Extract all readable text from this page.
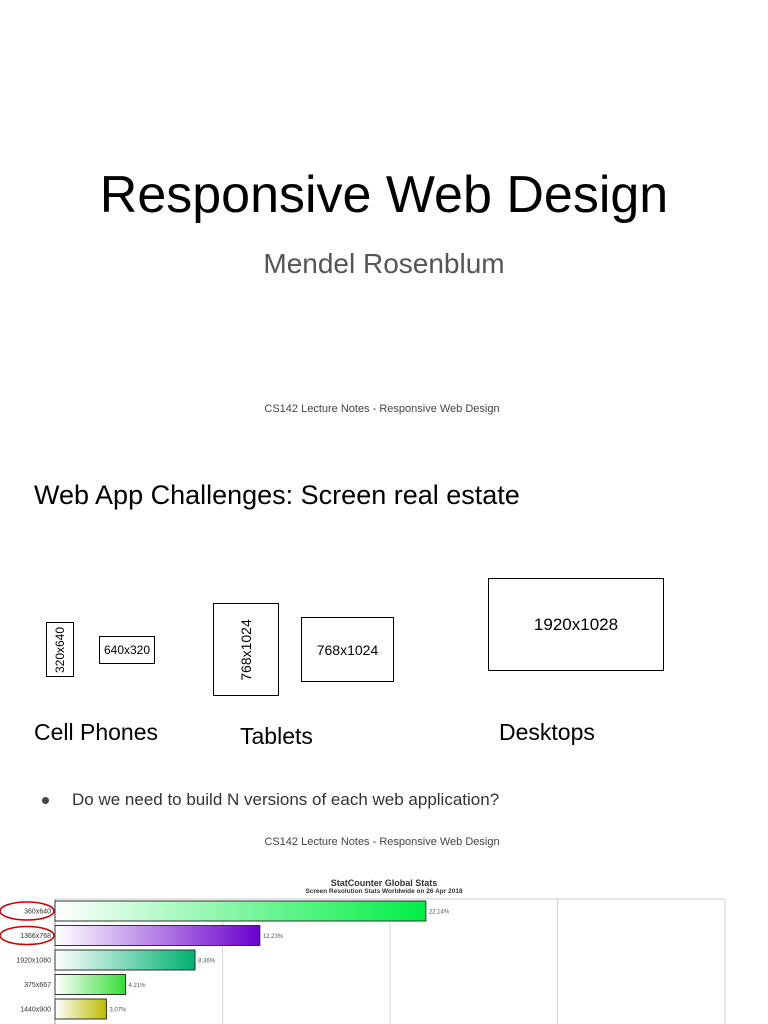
Responsive Web Design
Mendel Rosenblum
CS142 Lecture Notes - Responsive Web Design
Web App Challenges: Screen real estate
320x640	640x320	768x1024	768x1024
1920x1028
Cell Phones	Tablets	Desktops
Do we need to build N versions of each web application?
CS142 Lecture Notes - Responsive Web Design
StatCounter Global Stats
Screen Resolution Stats Worldwide on 26 Apr 2018
360x640
1366x768
1920x1080
375x667
1440x900
22.14%
12.23%
8.36%
4.21%
3.07%
